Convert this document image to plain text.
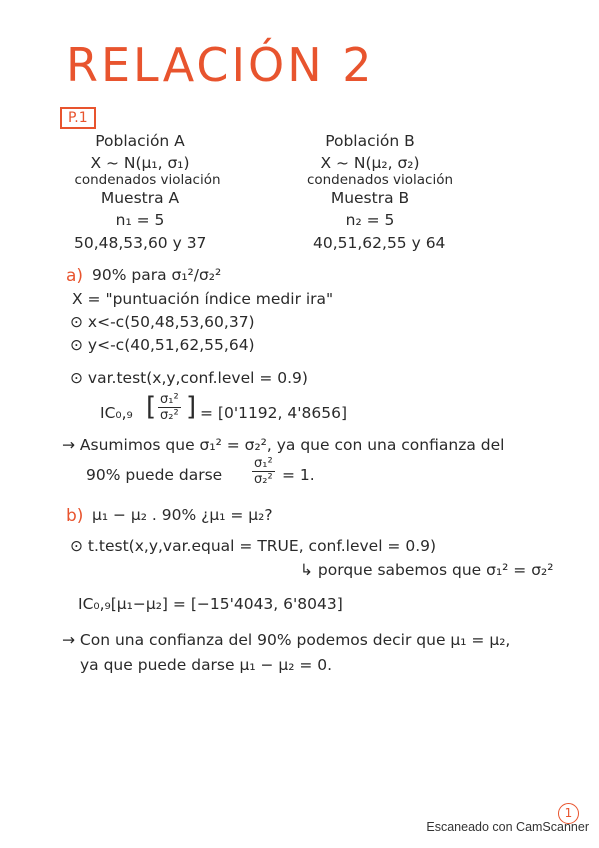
RELACIÓN 2
P.1
Población A
X ~ N(μ₁, σ₁)
condenados violación
Muestra A
n₁ = 5
50,48,53,60 y 37
Población B
X ~ N(μ₂, σ₂)
condenados violación
Muestra B
n₂ = 5
40,51,62,55 y 64
a) 90% para σ₁²/σ₂²
X = "puntuación índice medir ira"
⊙ x<-c(50,48,53,60,37)
⊙ y<-c(40,51,62,55,64)
⊙ var.test(x,y,conf.level = 0.9)
IC₀,₉ [ $\frac{\text{σ₁²}}{\text{σ₂²}}$ ] = [0'1192, 4'8656]
→ Asumimos que σ₁² = σ₂², ya que con una confianza del
90% puede darse $\frac{\text{σ₁²}}{\text{σ₂²}} = 1$.
b) μ₁ − μ₂ . 90% ¿μ₁ = μ₂?
⊙ t.test(x,y,var.equal = TRUE, conf.level = 0.9)
↳ porque sabemos que σ₁² = σ₂²
IC₀,₉[μ₁−μ₂] = [−15'4043, 6'8043]
→ Con una confianza del 90% podemos decir que μ₁ = μ₂,
ya que puede darse μ₁ − μ₂ = 0.
1
Escaneado con CamScanner
